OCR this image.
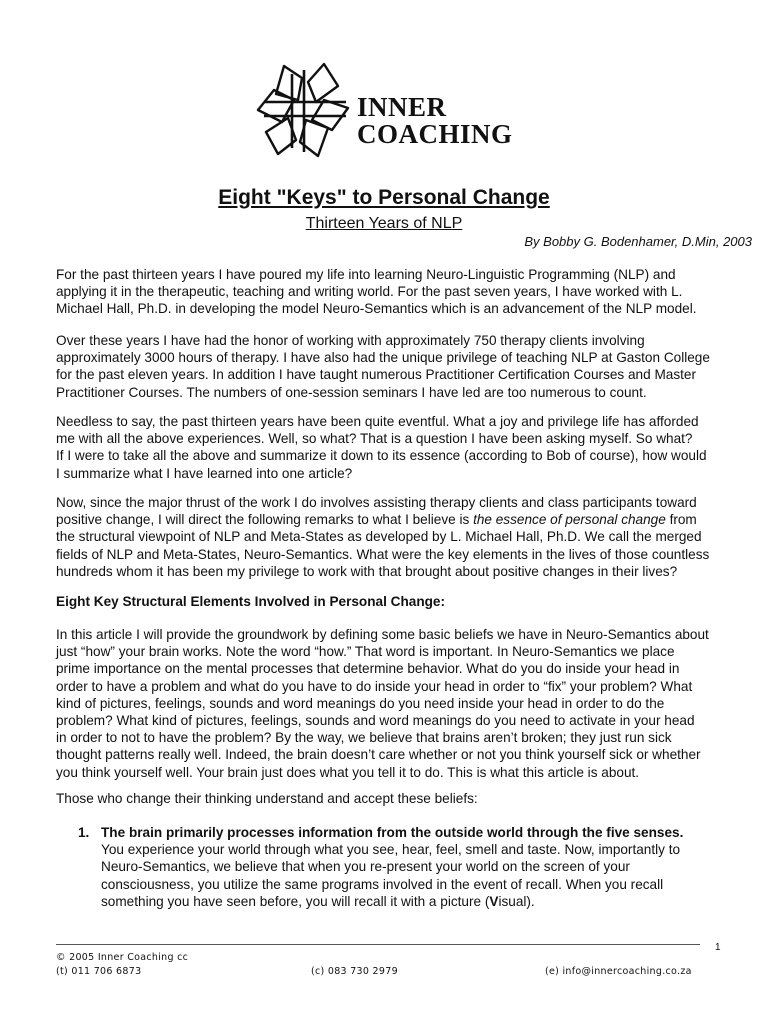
INNER
COACHING
Eight "Keys" to Personal Change
Thirteen Years of NLP
By Bobby G. Bodenhamer, D.Min, 2003
For the past thirteen years I have poured my life into learning Neuro-Linguistic Programming (NLP) and
applying it in the therapeutic, teaching and writing world. For the past seven years, I have worked with L.
Michael Hall, Ph.D. in developing the model Neuro-Semantics which is an advancement of the NLP model.
Over these years I have had the honor of working with approximately 750 therapy clients involving
approximately 3000 hours of therapy. I have also had the unique privilege of teaching NLP at Gaston College
for the past eleven years. In addition I have taught numerous Practitioner Certification Courses and Master
Practitioner Courses. The numbers of one-session seminars I have led are too numerous to count.
Needless to say, the past thirteen years have been quite eventful. What a joy and privilege life has afforded
me with all the above experiences. Well, so what? That is a question I have been asking myself. So what?
If I were to take all the above and summarize it down to its essence (according to Bob of course), how would
I summarize what I have learned into one article?
Now, since the major thrust of the work I do involves assisting therapy clients and class participants toward
positive change, I will direct the following remarks to what I believe is the essence of personal change from
the structural viewpoint of NLP and Meta-States as developed by L. Michael Hall, Ph.D. We call the merged
fields of NLP and Meta-States, Neuro-Semantics. What were the key elements in the lives of those countless
hundreds whom it has been my privilege to work with that brought about positive changes in their lives?
Eight Key Structural Elements Involved in Personal Change:
In this article I will provide the groundwork by defining some basic beliefs we have in Neuro-Semantics about
just “how” your brain works. Note the word “how.” That word is important. In Neuro-Semantics we place
prime importance on the mental processes that determine behavior. What do you do inside your head in
order to have a problem and what do you have to do inside your head in order to “fix” your problem? What
kind of pictures, feelings, sounds and word meanings do you need inside your head in order to do the
problem? What kind of pictures, feelings, sounds and word meanings do you need to activate in your head
in order to not to have the problem? By the way, we believe that brains aren’t broken; they just run sick
thought patterns really well. Indeed, the brain doesn’t care whether or not you think yourself sick or whether
you think yourself well. Your brain just does what you tell it to do. This is what this article is about.
Those who change their thinking understand and accept these beliefs:
1. The brain primarily processes information from the outside world through the five senses.
You experience your world through what you see, hear, feel, smell and taste. Now, importantly to
Neuro-Semantics, we believe that when you re-present your world on the screen of your
consciousness, you utilize the same programs involved in the event of recall. When you recall
something you have seen before, you will recall it with a picture (Visual).
1
© 2005 Inner Coaching cc
(t) 011 706 6873	(c) 083 730 2979	(e) info@innercoaching.co.za
